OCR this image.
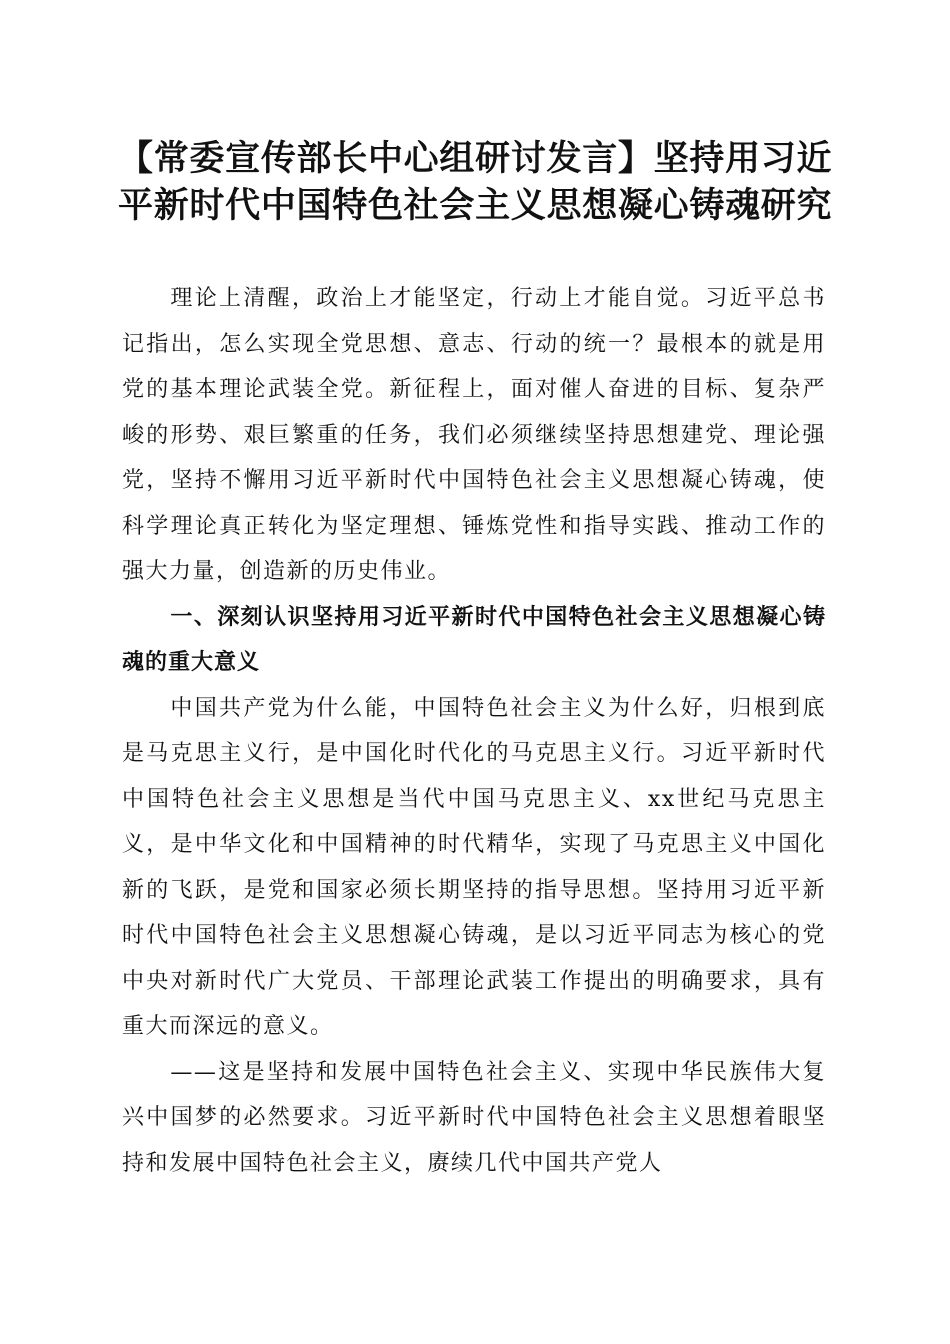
【常委宣传部长中心组研讨发言】坚持用习近
平新时代中国特色社会主义思想凝心铸魂研究

理论上清醒，政治上才能坚定，行动上才能自觉。习近平总书记指出，怎么实现全党思想、意志、行动的统一？最根本的就是用党的基本理论武装全党。新征程上，面对催人奋进的目标、复杂严峻的形势、艰巨繁重的任务，我们必须继续坚持思想建党、理论强党，坚持不懈用习近平新时代中国特色社会主义思想凝心铸魂，使科学理论真正转化为坚定理想、锤炼党性和指导实践、推动工作的强大力量，创造新的历史伟业。

一、深刻认识坚持用习近平新时代中国特色社会主义思想凝心铸魂的重大意义

中国共产党为什么能，中国特色社会主义为什么好，归根到底是马克思主义行，是中国化时代化的马克思主义行。习近平新时代中国特色社会主义思想是当代中国马克思主义、xx世纪马克思主义，是中华文化和中国精神的时代精华，实现了马克思主义中国化新的飞跃，是党和国家必须长期坚持的指导思想。坚持用习近平新时代中国特色社会主义思想凝心铸魂，是以习近平同志为核心的党中央对新时代广大党员、干部理论武装工作提出的明确要求，具有重大而深远的意义。

——这是坚持和发展中国特色社会主义、实现中华民族伟大复兴中国梦的必然要求。习近平新时代中国特色社会主义思想着眼坚持和发展中国特色社会主义，赓续几代中国共产党人
